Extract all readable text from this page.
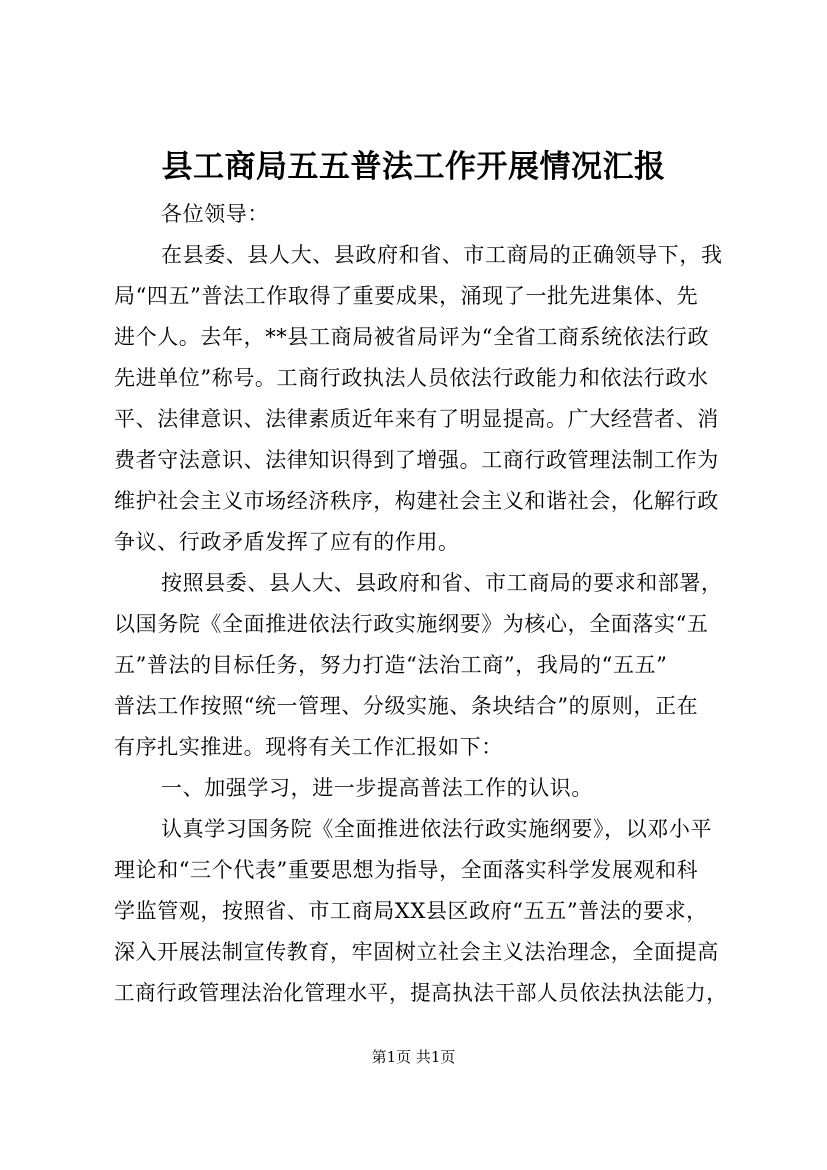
县工商局五五普法工作开展情况汇报
各位领导：
在县委、县人大、县政府和省、市工商局的正确领导下，我
局“四五”普法工作取得了重要成果，涌现了一批先进集体、先
进个人。去年，**县工商局被省局评为“全省工商系统依法行政
先进单位”称号。工商行政执法人员依法行政能力和依法行政水
平、法律意识、法律素质近年来有了明显提高。广大经营者、消
费者守法意识、法律知识得到了增强。工商行政管理法制工作为
维护社会主义市场经济秩序，构建社会主义和谐社会，化解行政
争议、行政矛盾发挥了应有的作用。
按照县委、县人大、县政府和省、市工商局的要求和部署，
以国务院《全面推进依法行政实施纲要》为核心，全面落实“五
五”普法的目标任务，努力打造“法治工商”，我局的“五五”
普法工作按照“统一管理、分级实施、条块结合”的原则，正在
有序扎实推进。现将有关工作汇报如下：
一、加强学习，进一步提高普法工作的认识。
认真学习国务院《全面推进依法行政实施纲要》，以邓小平
理论和“三个代表”重要思想为指导，全面落实科学发展观和科
学监管观，按照省、市工商局XX县区政府“五五”普法的要求，
深入开展法制宣传教育，牢固树立社会主义法治理念，全面提高
工商行政管理法治化管理水平，提高执法干部人员依法执法能力，
第1页 共1页
